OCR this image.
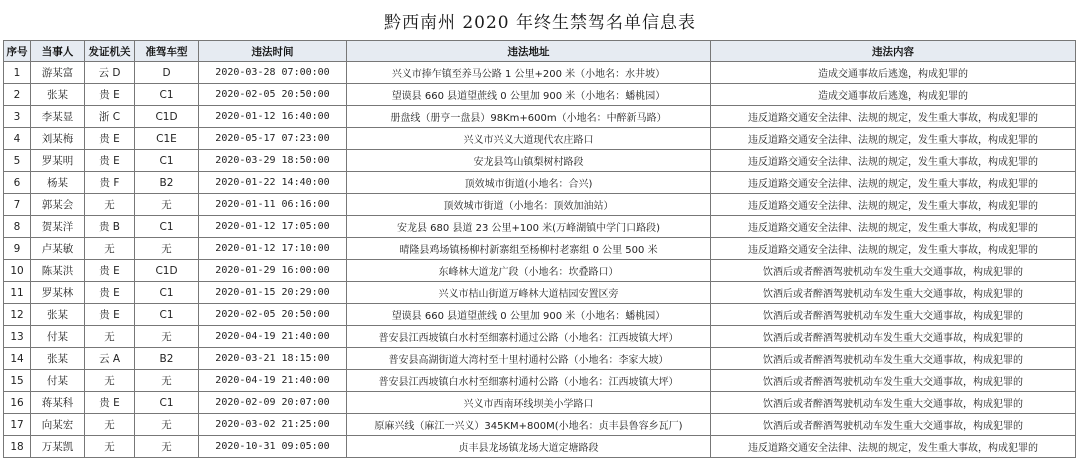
黔西南州 2020 年终生禁驾名单信息表
序号	当事人	发证机关	准驾车型	违法时间	违法地址	违法内容
1	游某富	云 D	D	2020-03-28 07:00:00	兴义市捧乍镇至养马公路 1 公里+200 米（小地名：水井坡）	造成交通事故后逃逸，构成犯罪的
2	张某	贵 E	C1	2020-02-05 20:50:00	望谟县 660 县道望蔗线 0 公里加 900 米（小地名：蟠桃园）	造成交通事故后逃逸，构成犯罪的
3	李某显	浙 C	C1D	2020-01-12 16:40:00	册盘线（册亨一盘县）98Km+600m（小地名：中醉新马路）	违反道路交通安全法律、法规的规定，发生重大事故，构成犯罪的
4	刘某梅	贵 E	C1E	2020-05-17 07:23:00	兴义市兴义大道现代农庄路口	违反道路交通安全法律、法规的规定，发生重大事故，构成犯罪的
5	罗某明	贵 E	C1	2020-03-29 18:50:00	安龙县笃山镇梨树村路段	违反道路交通安全法律、法规的规定，发生重大事故，构成犯罪的
6	杨某	贵 F	B2	2020-01-22 14:40:00	顶效城市街道(小地名：合兴)	违反道路交通安全法律、法规的规定，发生重大事故，构成犯罪的
7	郭某会	无	无	2020-01-11 06:16:00	顶效城市街道（小地名：顶效加油站）	违反道路交通安全法律、法规的规定，发生重大事故，构成犯罪的
8	贺某洋	贵 B	C1	2020-01-12 17:05:00	安龙县 680 县道 23 公里+100 米(万峰湖镇中学门口路段)	违反道路交通安全法律、法规的规定，发生重大事故，构成犯罪的
9	卢某敏	无	无	2020-01-12 17:10:00	晴隆县鸡场镇杨柳村新寨组至杨柳村老寨组 0 公里 500 米	违反道路交通安全法律、法规的规定，发生重大事故，构成犯罪的
10	陈某洪	贵 E	C1D	2020-01-29 16:00:00	东峰林大道龙广段（小地名：坎叠路口）	饮酒后或者醉酒驾驶机动车发生重大交通事故，构成犯罪的
11	罗某林	贵 E	C1	2020-01-15 20:29:00	兴义市桔山街道万峰林大道桔园安置区旁	饮酒后或者醉酒驾驶机动车发生重大交通事故，构成犯罪的
12	张某	贵 E	C1	2020-02-05 20:50:00	望谟县 660 县道望蔗线 0 公里加 900 米（小地名：蟠桃园）	饮酒后或者醉酒驾驶机动车发生重大交通事故，构成犯罪的
13	付某	无	无	2020-04-19 21:40:00	普安县江西坡镇白水村至细寨村通过公路（小地名：江西坡镇大坪）	饮酒后或者醉酒驾驶机动车发生重大交通事故，构成犯罪的
14	张某	云 A	B2	2020-03-21 18:15:00	普安县高湖街道大湾村至十里村通村公路（小地名：李家大坡）	饮酒后或者醉酒驾驶机动车发生重大交通事故，构成犯罪的
15	付某	无	无	2020-04-19 21:40:00	普安县江西坡镇白水村至细寨村通村公路（小地名：江西坡镇大坪）	饮酒后或者醉酒驾驶机动车发生重大交通事故，构成犯罪的
16	蒋某科	贵 E	C1	2020-02-09 20:07:00	兴义市西南环线坝美小学路口	饮酒后或者醉酒驾驶机动车发生重大交通事故，构成犯罪的
17	向某宏	无	无	2020-03-02 21:25:00	原麻兴线（麻江一兴义）345KM+800M(小地名：贞丰县鲁容乡瓦厂)	饮酒后或者醉酒驾驶机动车发生重大交通事故，构成犯罪的
18	万某凯	无	无	2020-10-31 09:05:00	贞丰县龙场镇龙场大道定塘路段	违反道路交通安全法律、法规的规定，发生重大事故，构成犯罪的
